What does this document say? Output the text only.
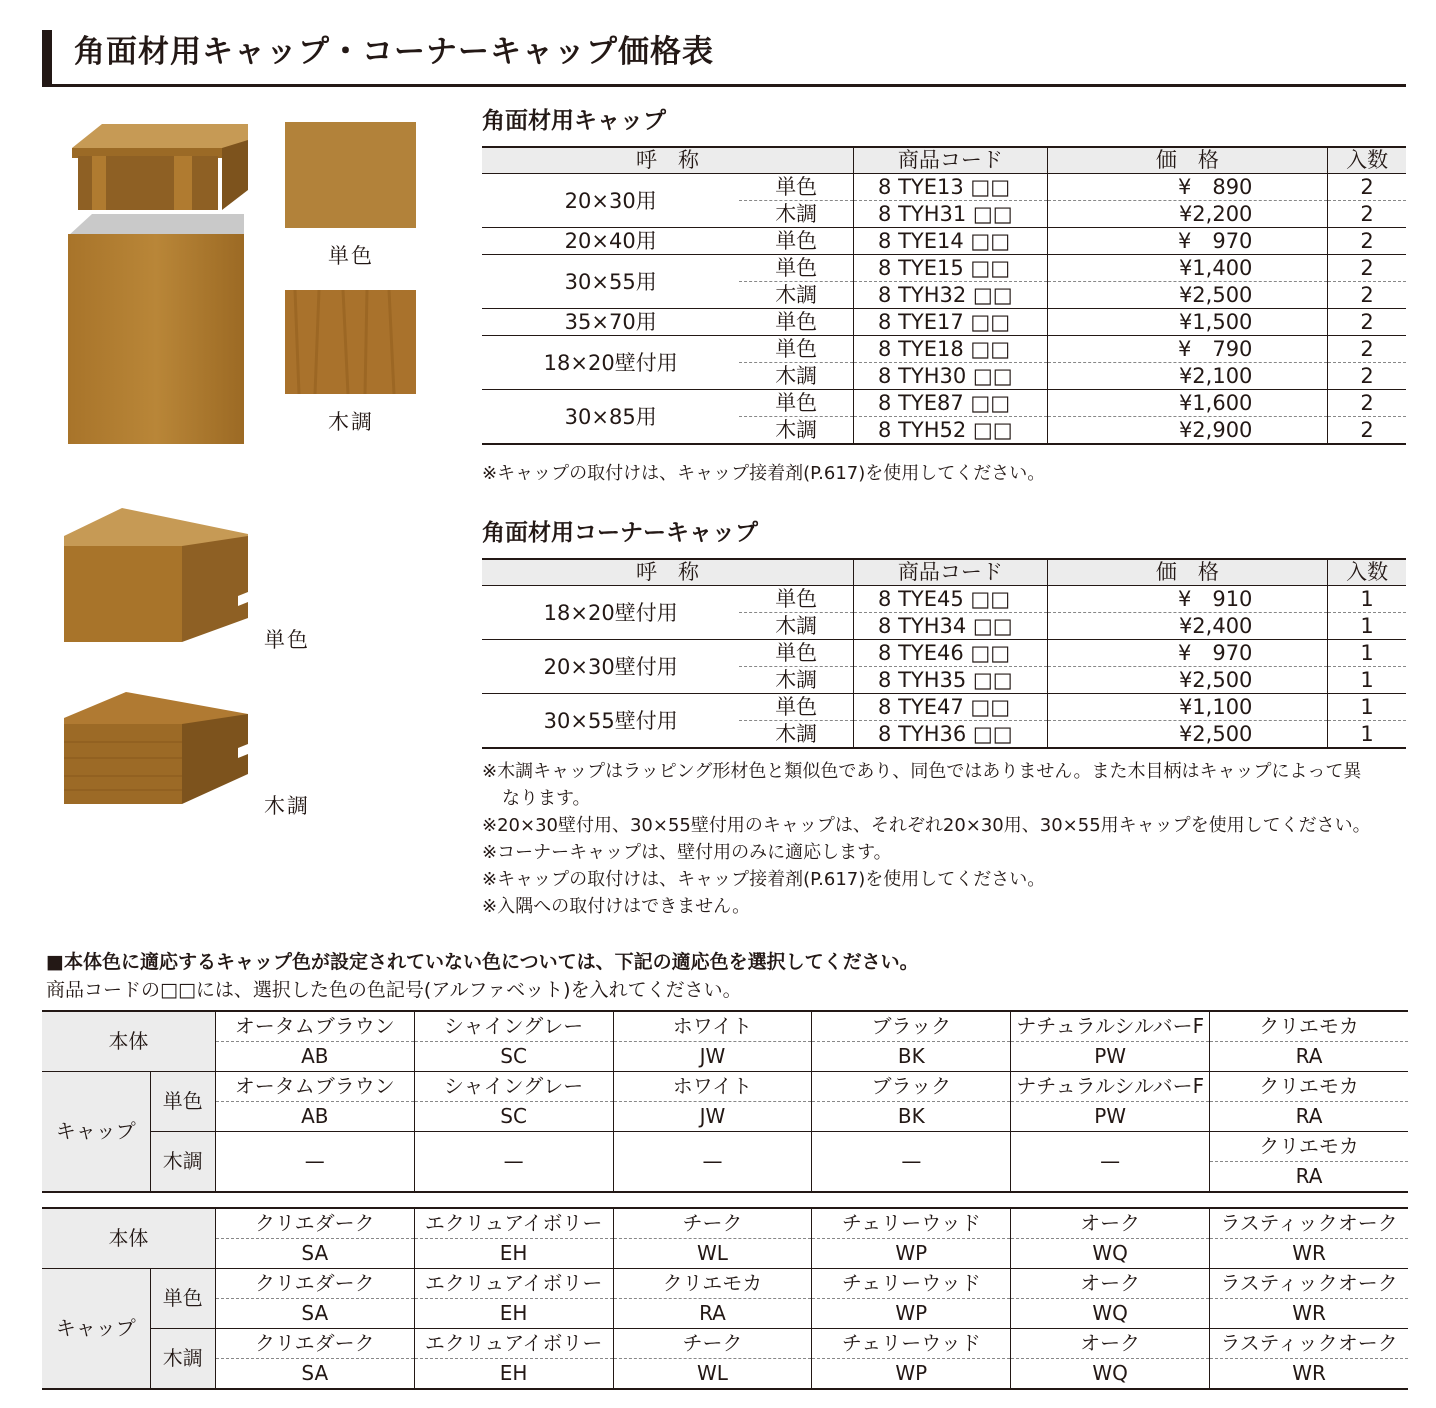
角面材用キャップ・コーナーキャップ価格表
単色
木調
単色
木調
角面材用キャップ
呼　称		商品コード	価　格	入数
20×30用	単色	8 TYE13 □□	¥　890	2
	木調	8 TYH31 □□	¥2,200	2
20×40用	単色	8 TYE14 □□	¥　970	2
30×55用	単色	8 TYE15 □□	¥1,400	2
	木調	8 TYH32 □□	¥2,500	2
35×70用	単色	8 TYE17 □□	¥1,500	2
18×20壁付用	単色	8 TYE18 □□	¥　790	2
	木調	8 TYH30 □□	¥2,100	2
30×85用	単色	8 TYE87 □□	¥1,600	2
	木調	8 TYH52 □□	¥2,900	2

※キャップの取付けは、キャップ接着剤(P.617)を使用してください。

角面材用コーナーキャップ
呼　称		商品コード	価　格	入数
18×20壁付用	単色	8 TYE45 □□	¥　910	1
	木調	8 TYH34 □□	¥2,400	1
20×30壁付用	単色	8 TYE46 □□	¥　970	1
	木調	8 TYH35 □□	¥2,500	1
30×55壁付用	単色	8 TYE47 □□	¥1,100	1
	木調	8 TYH36 □□	¥2,500	1

※木調キャップはラッピング形材色と類似色であり、同色ではありません。また木目柄はキャップによって異

なります。

※20×30壁付用、30×55壁付用のキャップは、それぞれ20×30用、30×55用キャップを使用してください。

※コーナーキャップは、壁付用のみに適応します。

※キャップの取付けは、キャップ接着剤(P.617)を使用してください。

※入隅への取付けはできません。

■本体色に適応するキャップ色が設定されていない色については、下記の適応色を選択してください。
商品コードの□□には、選択した色の色記号(アルファベット)を入れてください。
本体		オータムブラウン	シャイングレー	ホワイト	ブラック	ナチュラルシルバーF	クリエモカ
		AB	SC	JW	BK	PW	RA
キャップ	単色	オータムブラウン	シャイングレー	ホワイト	ブラック	ナチュラルシルバーF	クリエモカ
		AB	SC	JW	BK	PW	RA
	木調	—	—	—	—	—	クリエモカ
							RA
本体		クリエダーク	エクリュアイボリー	チーク	チェリーウッド	オーク	ラスティックオーク
		SA	EH	WL	WP	WQ	WR
キャップ	単色	クリエダーク	エクリュアイボリー	クリエモカ	チェリーウッド	オーク	ラスティックオーク
		SA	EH	RA	WP	WQ	WR
	木調	クリエダーク	エクリュアイボリー	チーク	チェリーウッド	オーク	ラスティックオーク
		SA	EH	WL	WP	WQ	WR
